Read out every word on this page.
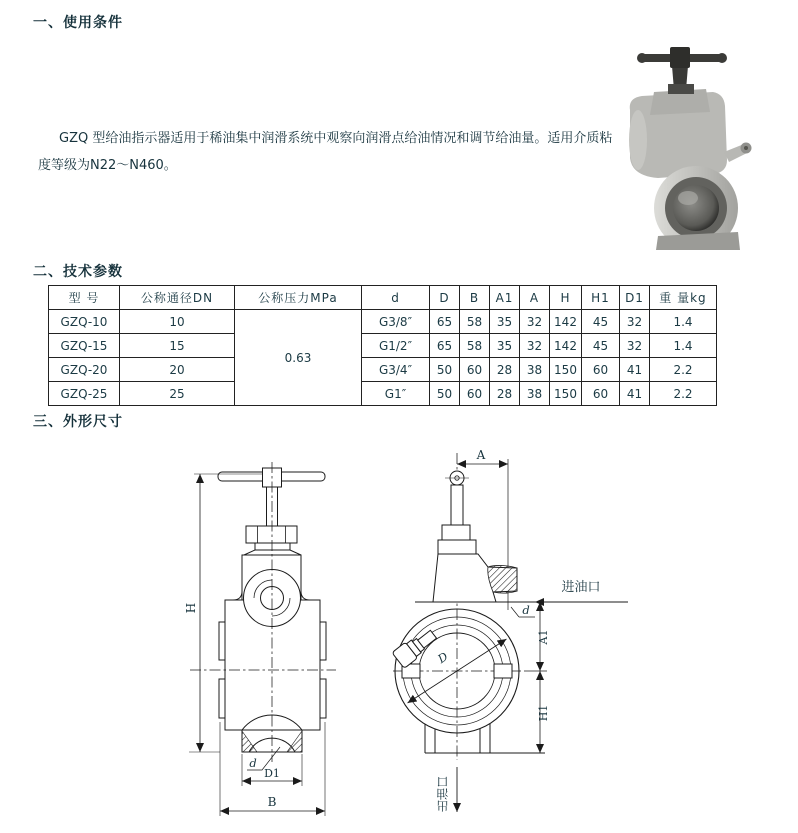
一、使用条件
GZQ 型给油指示器适用于稀油集中润滑系统中观察向润滑点给油情况和调节给油量。适用介质粘度等级为N22～N460。
二、技术参数
型 号	公称通径DN	公称压力MPa	d	D	B	A1	A	H	H1	D1	重 量kg
GZQ-10	10	0.63	G3/8″	65	58	35	32	142	45	32	1.4
GZQ-15	15		G1/2″	65	58	35	32	142	45	32	1.4
GZQ-20	20		G3/4″	50	60	28	38	150	60	41	2.2
GZQ-25	25		G1″	50	60	28	38	150	60	41	2.2
三、外形尺寸
H
d
D1
B
A
进油口
d
A1
H1
D
出油口
